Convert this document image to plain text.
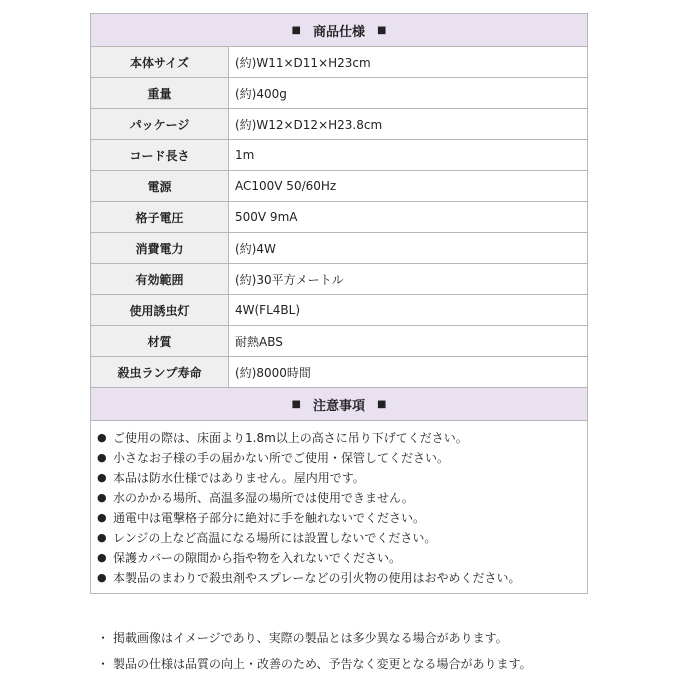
■ 商品仕様 ■
本体サイズ	(約)W11×D11×H23cm
重量	(約)400g
パッケージ	(約)W12×D12×H23.8cm
コード長さ	1m
電源	AC100V 50/60Hz
格子電圧	500V 9mA
消費電力	(約)4W
有効範囲	(約)30平方メートル
使用誘虫灯	4W(FL4BL)
材質	耐熱ABS
殺虫ランプ寿命	(約)8000時間
■ 注意事項 ■
● ご使用の際は、床面より1.8m以上の高さに吊り下げてください。
● 小さなお子様の手の届かない所でご使用・保管してください。
● 本品は防水仕様ではありません。屋内用です。
● 水のかかる場所、高温多湿の場所では使用できません。
● 通電中は電撃格子部分に絶対に手を触れないでください。
● レンジの上など高温になる場所には設置しないでください。
● 保護カバーの隙間から指や物を入れないでください。
● 本製品のまわりで殺虫剤やスプレーなどの引火物の使用はおやめください。
・ 掲載画像はイメージであり、実際の製品とは多少異なる場合があります。
・ 製品の仕様は品質の向上・改善のため、予告なく変更となる場合があります。
